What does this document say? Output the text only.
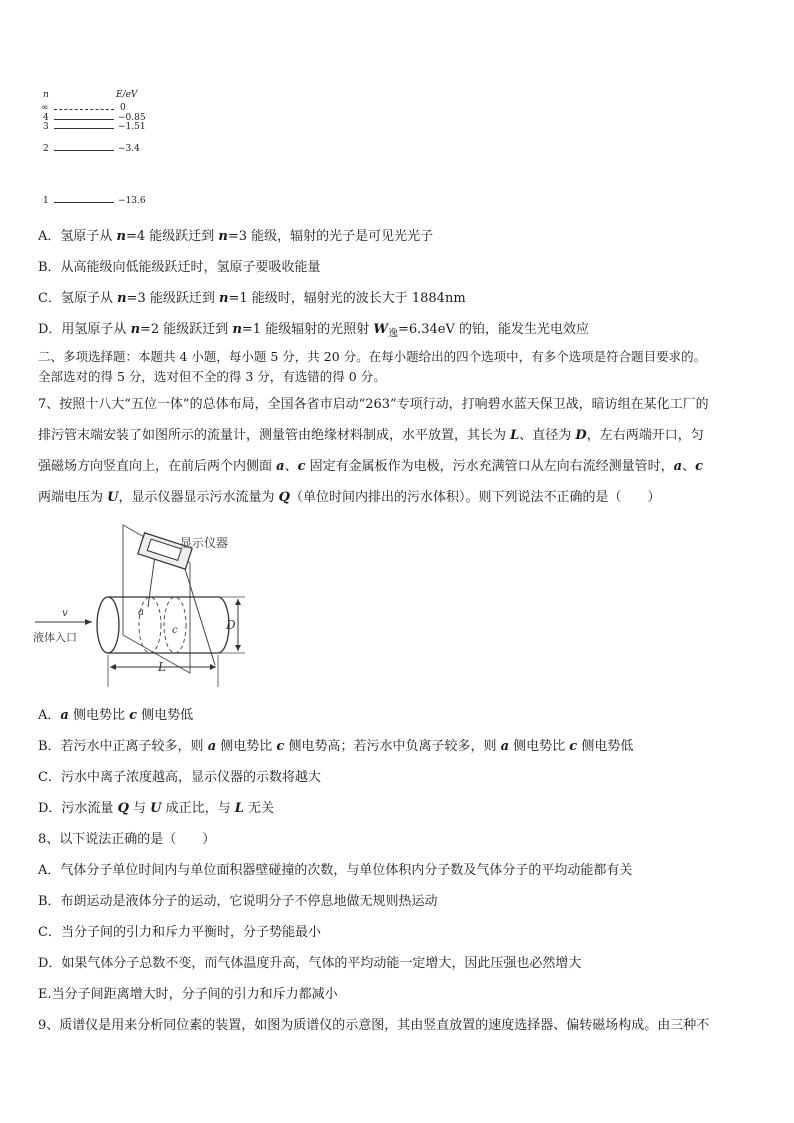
n	E/eV
∞	0
4	−0.85
3	−1.51
2	−3.4
1	−13.6
A．氢原子从 n=4 能级跃迁到 n=3 能级，辐射的光子是可见光光子
B．从高能级向低能级跃迁时，氢原子要吸收能量
C．氢原子从 n=3 能级跃迁到 n=1 能级时，辐射光的波长大于 1884nm
D．用氢原子从 n=2 能级跃迁到 n=1 能级辐射的光照射 $W_逸=6.34eV$ 的铂，能发生光电效应
二、多项选择题：本题共 4 小题，每小题 5 分，共 20 分。在每小题给出的四个选项中，有多个选项是符合题目要求的。
全部选对的得 5 分，选对但不全的得 3 分，有选错的得 0 分。
7、按照十八大“五位一体”的总体布局，全国各省市启动“263”专项行动，打响碧水蓝天保卫战，暗访组在某化工厂的
排污管末端安装了如图所示的流量计，测量管由绝缘材料制成，水平放置，其长为 L、直径为 D，左右两端开口，匀
强磁场方向竖直向上，在前后两个内侧面 a、c 固定有金属板作为电极，污水充满管口从左向右流经测量管时，a、c
两端电压为 U，显示仪器显示污水流量为 Q（单位时间内排出的污水体积）。则下列说法不正确的是（　　）
显示仪器
液体入口
v	a
c	D
L
A．a 侧电势比 c 侧电势低
B．若污水中正离子较多，则 a 侧电势比 c 侧电势高；若污水中负离子较多，则 a 侧电势比 c 侧电势低
C．污水中离子浓度越高，显示仪器的示数将越大
D．污水流量 Q 与 U 成正比，与 L 无关
8、以下说法正确的是（　　）
A．气体分子单位时间内与单位面积器壁碰撞的次数，与单位体积内分子数及气体分子的平均动能都有关
B．布朗运动是液体分子的运动，它说明分子不停息地做无规则热运动
C．当分子间的引力和斥力平衡时，分子势能最小
D．如果气体分子总数不变，而气体温度升高，气体的平均动能一定增大，因此压强也必然增大
E.当分子间距离增大时，分子间的引力和斥力都减小
9、质谱仪是用来分析同位素的装置，如图为质谱仪的示意图，其由竖直放置的速度选择器、偏转磁场构成。由三种不
